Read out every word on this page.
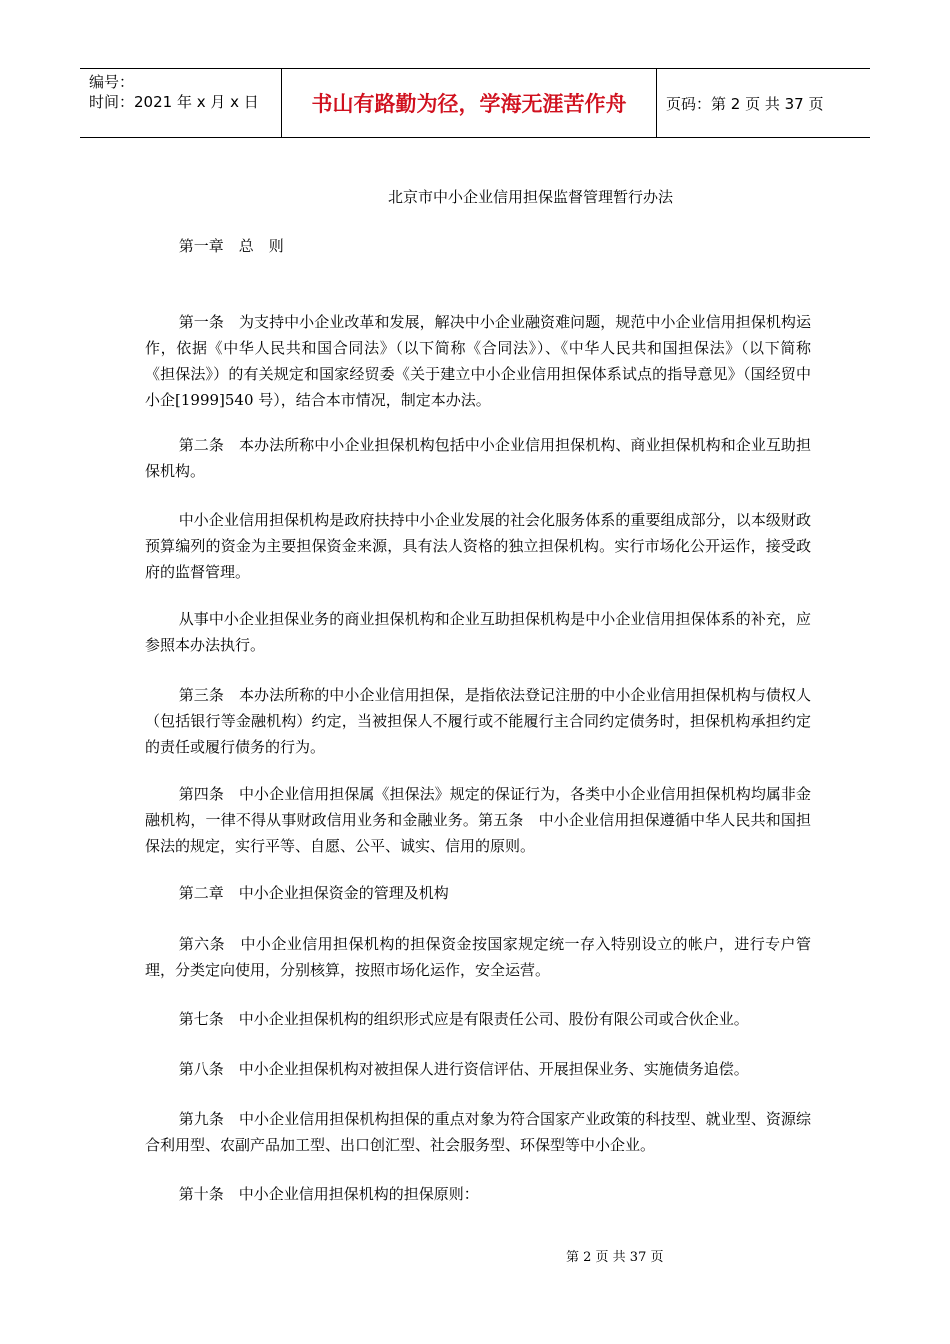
编号：
时间：2021 年 x 月 x 日	书山有路勤为径，学海无涯苦作舟	页码：第 2 页 共 37 页
北京市中小企业信用担保监督管理暂行办法

第一章　总　则

第一条　为支持中小企业改革和发展，解决中小企业融资难问题，规范中小企业信用担保机构运作，依据《中华人民共和国合同法》（以下简称《合同法》）、《中华人民共和国担保法》（以下简称《担保法》）的有关规定和国家经贸委《关于建立中小企业信用担保体系试点的指导意见》（国经贸中小企[1999]540 号），结合本市情况，制定本办法。

第二条　本办法所称中小企业担保机构包括中小企业信用担保机构、商业担保机构和企业互助担保机构。

中小企业信用担保机构是政府扶持中小企业发展的社会化服务体系的重要组成部分，以本级财政预算编列的资金为主要担保资金来源，具有法人资格的独立担保机构。实行市场化公开运作，接受政府的监督管理。

从事中小企业担保业务的商业担保机构和企业互助担保机构是中小企业信用担保体系的补充，应参照本办法执行。

第三条　本办法所称的中小企业信用担保，是指依法登记注册的中小企业信用担保机构与债权人（包括银行等金融机构）约定，当被担保人不履行或不能履行主合同约定债务时，担保机构承担约定的责任或履行债务的行为。

第四条　中小企业信用担保属《担保法》规定的保证行为，各类中小企业信用担保机构均属非金融机构，一律不得从事财政信用业务和金融业务。第五条　中小企业信用担保遵循中华人民共和国担保法的规定，实行平等、自愿、公平、诚实、信用的原则。

第二章　中小企业担保资金的管理及机构

第六条　中小企业信用担保机构的担保资金按国家规定统一存入特别设立的帐户，进行专户管理，分类定向使用，分别核算，按照市场化运作，安全运营。

第七条　中小企业担保机构的组织形式应是有限责任公司、股份有限公司或合伙企业。

第八条　中小企业担保机构对被担保人进行资信评估、开展担保业务、实施债务追偿。

第九条　中小企业信用担保机构担保的重点对象为符合国家产业政策的科技型、就业型、资源综合利用型、农副产品加工型、出口创汇型、社会服务型、环保型等中小企业。

第十条　中小企业信用担保机构的担保原则：

第 2 页 共 37 页
